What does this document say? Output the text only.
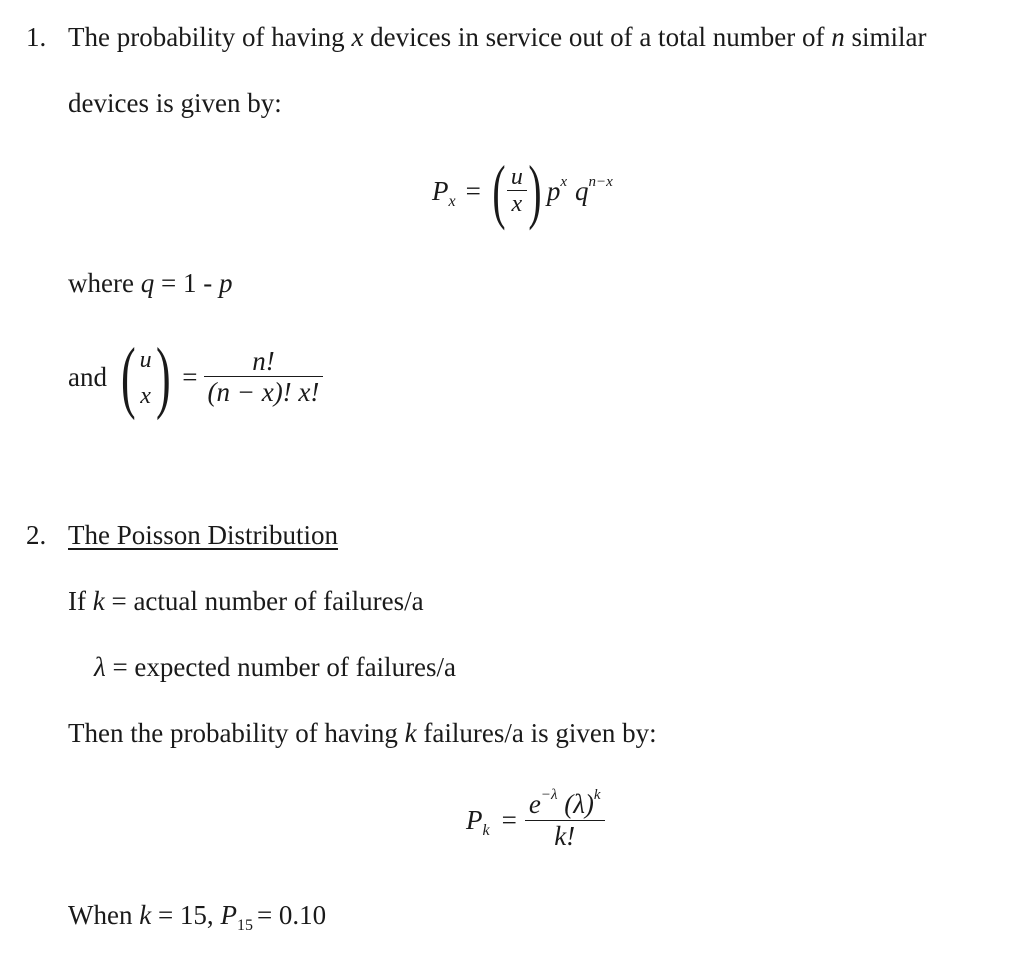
1. The probability of having x devices in service out of a total number of n similar
devices is given by:
$P_x$ = ( $\frac{u}{x}$ ) $p^x$ $q^{n-x}$
where q = 1 - p
and ( u
x ) = $\frac{n!}{(n - x)! x!}$
2. The Poisson Distribution
If k = actual number of failures/a
λ = expected number of failures/a
Then the probability of having k failures/a is given by:
$P_k = \frac{e^{-\lambda} (\lambda)^k}{k!}$
When k = 15, $P_{15} = 0.10$
